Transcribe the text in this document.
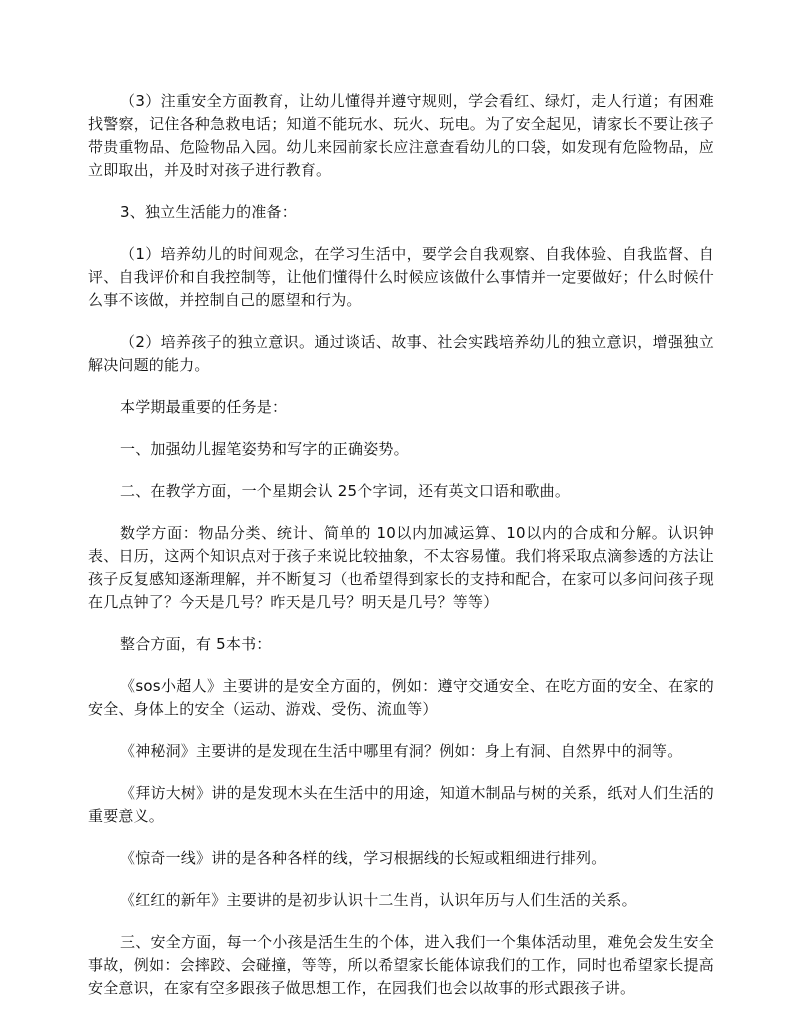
（3）注重安全方面教育，让幼儿懂得并遵守规则，学会看红、绿灯，走人行道；有困难找警察，记住各种急救电话；知道不能玩水、玩火、玩电。为了安全起见，请家长不要让孩子带贵重物品、危险物品入园。幼儿来园前家长应注意查看幼儿的口袋，如发现有危险物品，应立即取出，并及时对孩子进行教育。

3、独立生活能力的准备：

（1）培养幼儿的时间观念，在学习生活中，要学会自我观察、自我体验、自我监督、自评、自我评价和自我控制等，让他们懂得什么时候应该做什么事情并一定要做好；什么时候什么事不该做，并控制自己的愿望和行为。

（2）培养孩子的独立意识。通过谈话、故事、社会实践培养幼儿的独立意识，增强独立解决问题的能力。

本学期最重要的任务是：

一、加强幼儿握笔姿势和写字的正确姿势。

二、在教学方面，一个星期会认 25个字词，还有英文口语和歌曲。

数学方面：物品分类、统计、简单的 10以内加减运算、10以内的合成和分解。认识钟表、日历，这两个知识点对于孩子来说比较抽象，不太容易懂。我们将采取点滴参透的方法让孩子反复感知逐渐理解，并不断复习（也希望得到家长的支持和配合，在家可以多问问孩子现在几点钟了？今天是几号？昨天是几号？明天是几号？等等）

整合方面，有 5本书：

《sos小超人》主要讲的是安全方面的，例如：遵守交通安全、在吃方面的安全、在家的安全、身体上的安全（运动、游戏、受伤、流血等）

《神秘洞》主要讲的是发现在生活中哪里有洞？例如：身上有洞、自然界中的洞等。

《拜访大树》讲的是发现木头在生活中的用途，知道木制品与树的关系，纸对人们生活的重要意义。

《惊奇一线》讲的是各种各样的线，学习根据线的长短或粗细进行排列。

《红红的新年》主要讲的是初步认识十二生肖，认识年历与人们生活的关系。

三、安全方面，每一个小孩是活生生的个体，进入我们一个集体活动里，难免会发生安全事故，例如：会摔跤、会碰撞，等等，所以希望家长能体谅我们的工作，同时也希望家长提高安全意识，在家有空多跟孩子做思想工作，在园我们也会以故事的形式跟孩子讲。
